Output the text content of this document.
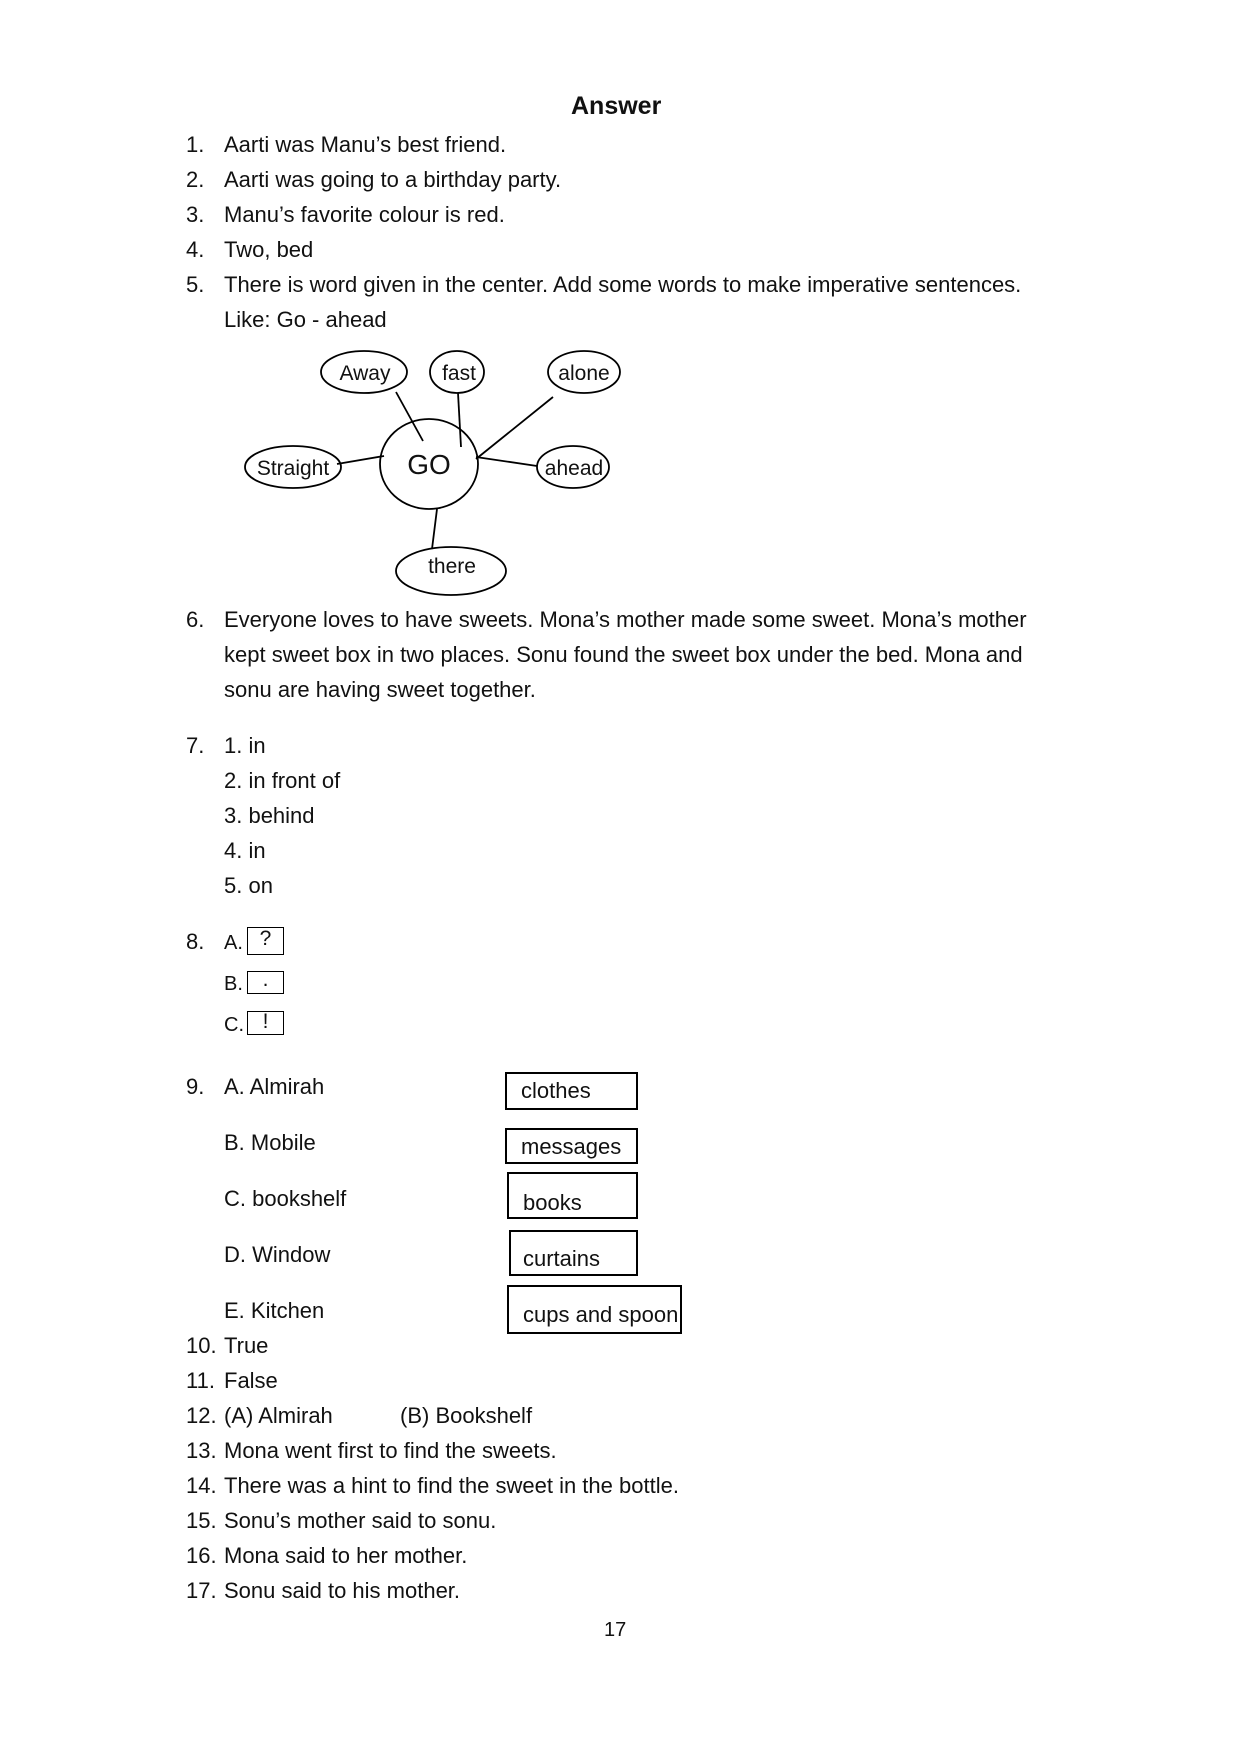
Answer
1. Aarti was Manu’s best friend.
2. Aarti was going to a birthday party.
3. Manu’s favorite colour is red.
4. Two, bed
5. There is word given in the center. Add some words to make imperative sentences.
Like: Go - ahead
Away fast	alone
Straight	GO	ahead
there
6. Everyone loves to have sweets. Mona’s mother made some sweet. Mona’s mother
kept sweet box in two places. Sonu found the sweet box under the bed. Mona and
sonu are having sweet together.
7. 1. in
2. in front of
3. behind
4. in
5. on
8. A. ?
B. .
C. !
9. A. Almirah	clothes
B. Mobile	messages
C. bookshelf	books
D. Window	curtains
E. Kitchen	cups and spoon
10. True
11. False
12. (A) Almirah	(B) Bookshelf
13. Mona went first to find the sweets.
14. There was a hint to find the sweet in the bottle.
15. Sonu’s mother said to sonu.
16. Mona said to her mother.
17. Sonu said to his mother.
17
